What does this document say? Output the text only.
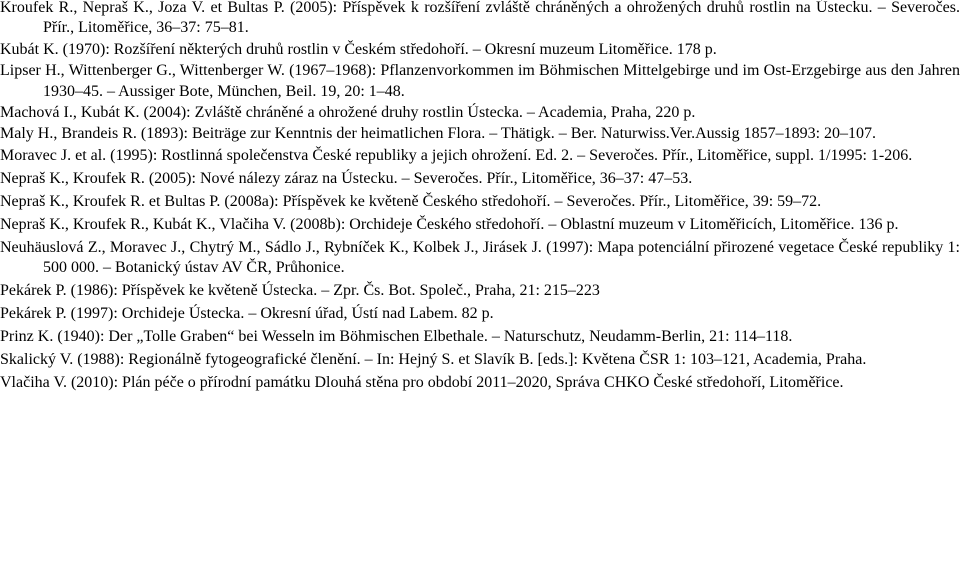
Kroufek R., Nepraš K., Joza V. et Bultas P. (2005): Příspěvek k rozšíření zvláště chráněných a ohrožených druhů rostlin na Ústecku. – Severočes. Přír., Litoměřice, 36–37: 75–81.

Kubát K. (1970): Rozšíření některých druhů rostlin v Českém středohoří. – Okresní muzeum Litoměřice. 178 p.

Lipser H., Wittenberger G., Wittenberger W. (1967–1968): Pflanzenvorkommen im Böhmischen Mittelgebirge und im Ost-Erzgebirge aus den Jahren 1930–45. – Aussiger Bote, München, Beil. 19, 20: 1–48.

Machová I., Kubát K. (2004): Zvláště chráněné a ohrožené druhy rostlin Ústecka. – Academia, Praha, 220 p.

Maly H., Brandeis R. (1893): Beiträge zur Kenntnis der heimatlichen Flora. – Thätigk. – Ber. Naturwiss.Ver.Aussig 1857–1893: 20–107.

Moravec J. et al. (1995): Rostlinná společenstva České republiky a jejich ohrožení. Ed. 2. – Severočes. Přír., Litoměřice, suppl. 1/1995: 1-206.

Nepraš K., Kroufek R. (2005): Nové nálezy záraz na Ústecku. – Severočes. Přír., Litoměřice, 36–37: 47–53.

Nepraš K., Kroufek R. et Bultas P. (2008a): Příspěvek ke květeně Českého středohoří. – Severočes. Přír., Litoměřice, 39: 59–72.

Nepraš K., Kroufek R., Kubát K., Vlačiha V. (2008b): Orchideje Českého středohoří. – Oblastní muzeum v Litoměřicích, Litoměřice. 136 p.

Neuhäuslová Z., Moravec J., Chytrý M., Sádlo J., Rybníček K., Kolbek J., Jirásek J. (1997): Mapa potenciální přirozené vegetace České republiky 1: 500 000. – Botanický ústav AV ČR, Průhonice.

Pekárek P. (1986): Příspěvek ke květeně Ústecka. – Zpr. Čs. Bot. Společ., Praha, 21: 215–223

Pekárek P. (1997): Orchideje Ústecka. – Okresní úřad, Ústí nad Labem. 82 p.

Prinz K. (1940): Der „Tolle Graben“ bei Wesseln im Böhmischen Elbethale. – Naturschutz, Neudamm-Berlin, 21: 114–118.

Skalický V. (1988): Regionálně fytogeografické členění. – In: Hejný S. et Slavík B. [eds.]: Květena ČSR 1: 103–121, Academia, Praha.

Vlačiha V. (2010): Plán péče o přírodní památku Dlouhá stěna pro období 2011–2020, Správa CHKO České středohoří, Litoměřice.
